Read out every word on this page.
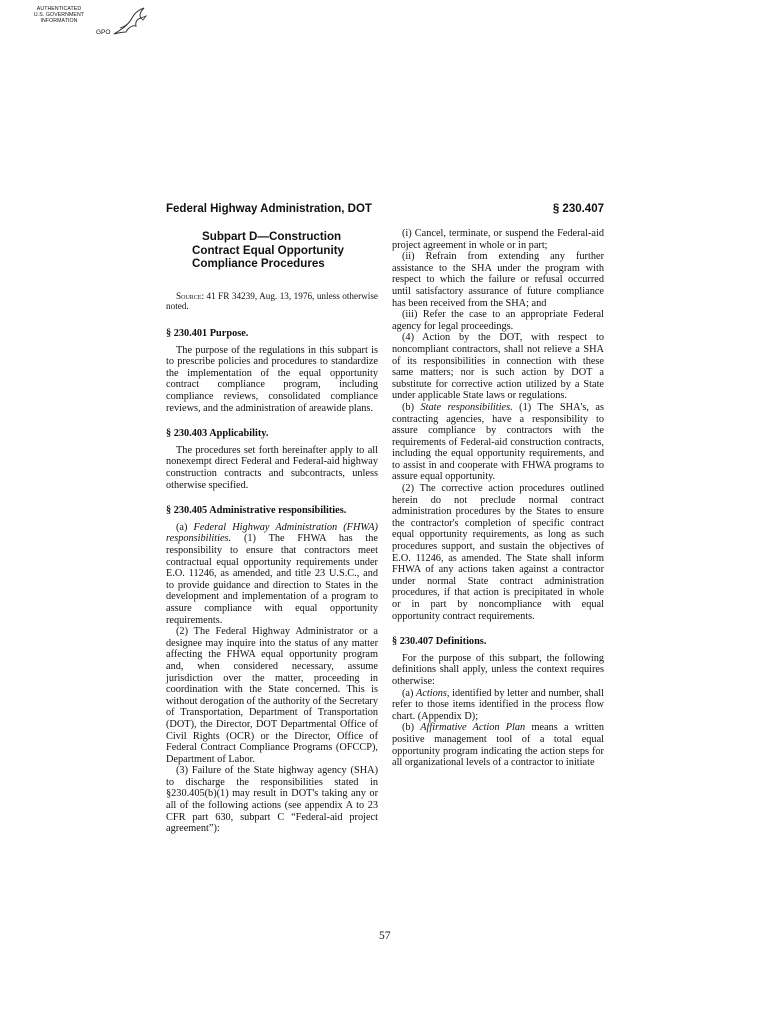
AUTHENTICATED
U.S. GOVERNMENT
INFORMATION
GPO
Federal Highway Administration, DOT	§ 230.407

Subpart D—Construction Contract Equal Opportunity Compliance Procedures

Source: 41 FR 34239, Aug. 13, 1976, unless otherwise noted.

§ 230.401 Purpose.

The purpose of the regulations in this subpart is to prescribe policies and procedures to standardize the implementation of the equal opportunity contract compliance program, including compliance reviews, consolidated compliance reviews, and the administration of areawide plans.

§ 230.403 Applicability.

The procedures set forth hereinafter apply to all nonexempt direct Federal and Federal-aid highway construction contracts and subcontracts, unless otherwise specified.

§ 230.405 Administrative responsibilities.

(a) Federal Highway Administration (FHWA) responsibilities. (1) The FHWA has the responsibility to ensure that contractors meet contractual equal opportunity requirements under E.O. 11246, as amended, and title 23 U.S.C., and to provide guidance and direction to States in the development and implementation of a program to assure compliance with equal opportunity requirements.

(2) The Federal Highway Administrator or a designee may inquire into the status of any matter affecting the FHWA equal opportunity program and, when considered necessary, assume jurisdiction over the matter, proceeding in coordination with the State concerned. This is without derogation of the authority of the Secretary of Transportation, Department of Transportation (DOT), the Director, DOT Departmental Office of Civil Rights (OCR) or the Director, Office of Federal Contract Compliance Programs (OFCCP), Department of Labor.

(3) Failure of the State highway agency (SHA) to discharge the responsibilities stated in §230.405(b)(1) may result in DOT's taking any or all of the following actions (see appendix A to 23 CFR part 630, subpart C “Federal-aid project agreement”):

(i) Cancel, terminate, or suspend the Federal-aid project agreement in whole or in part;

(ii) Refrain from extending any further assistance to the SHA under the program with respect to which the failure or refusal occurred until satisfactory assurance of future compliance has been received from the SHA; and

(iii) Refer the case to an appropriate Federal agency for legal proceedings.

(4) Action by the DOT, with respect to noncompliant contractors, shall not relieve a SHA of its responsibilities in connection with these same matters; nor is such action by DOT a substitute for corrective action utilized by a State under applicable State laws or regulations.

(b) State responsibilities. (1) The SHA's, as contracting agencies, have a responsibility to assure compliance by contractors with the requirements of Federal-aid construction contracts, including the equal opportunity requirements, and to assist in and cooperate with FHWA programs to assure equal opportunity.

(2) The corrective action procedures outlined herein do not preclude normal contract administration procedures by the States to ensure the contractor's completion of specific contract equal opportunity requirements, as long as such procedures support, and sustain the objectives of E.O. 11246, as amended. The State shall inform FHWA of any actions taken against a contractor under normal State contract administration procedures, if that action is precipitated in whole or in part by noncompliance with equal opportunity contract requirements.

§ 230.407 Definitions.

For the purpose of this subpart, the following definitions shall apply, unless the context requires otherwise:

(a) Actions, identified by letter and number, shall refer to those items identified in the process flow chart. (Appendix D);

(b) Affirmative Action Plan means a written positive management tool of a total equal opportunity program indicating the action steps for all organizational levels of a contractor to initiate

57
